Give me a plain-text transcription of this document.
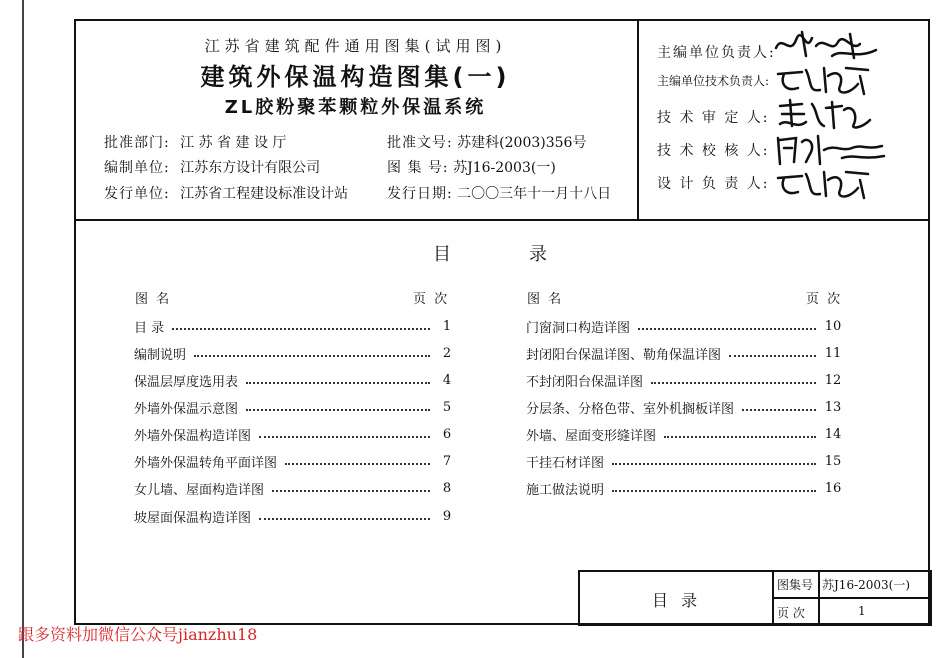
江苏省建筑配件通用图集(试用图)
建筑外保温构造图集(一)
ZL胶粉聚苯颗粒外保温系统
批准部门: 江 苏 省 建 设 厅
编制单位: 江苏东方设计有限公司
发行单位: 江苏省工程建设标准设计站
批准文号: 苏建科(2003)356号
图 集 号: 苏J16-2003(一)
发行日期: 二〇〇三年十一月十八日
主编单位负责人:
主编单位技术负责人:
技 术 审 定 人:
技 术 校 核 人:
设 计 负 责 人:
目	录
图 名	页 次	图 名	页 次
目 录	1
编制说明	2
保温层厚度选用表	4
外墙外保温示意图	5
外墙外保温构造详图	6
外墙外保温转角平面详图	7
女儿墙、屋面构造详图	8
坡屋面保温构造详图	9
门窗洞口构造详图	10
封闭阳台保温详图、勒角保温详图	11
不封闭阳台保温详图	12
分层条、分格色带、室外机搁板详图	13
外墙、屋面变形缝详图	14
干挂石材详图	15
施工做法说明	16
目 录
图集号 苏J16-2003(一)
页 次	1
跟多资料加微信公众号jianzhu18
